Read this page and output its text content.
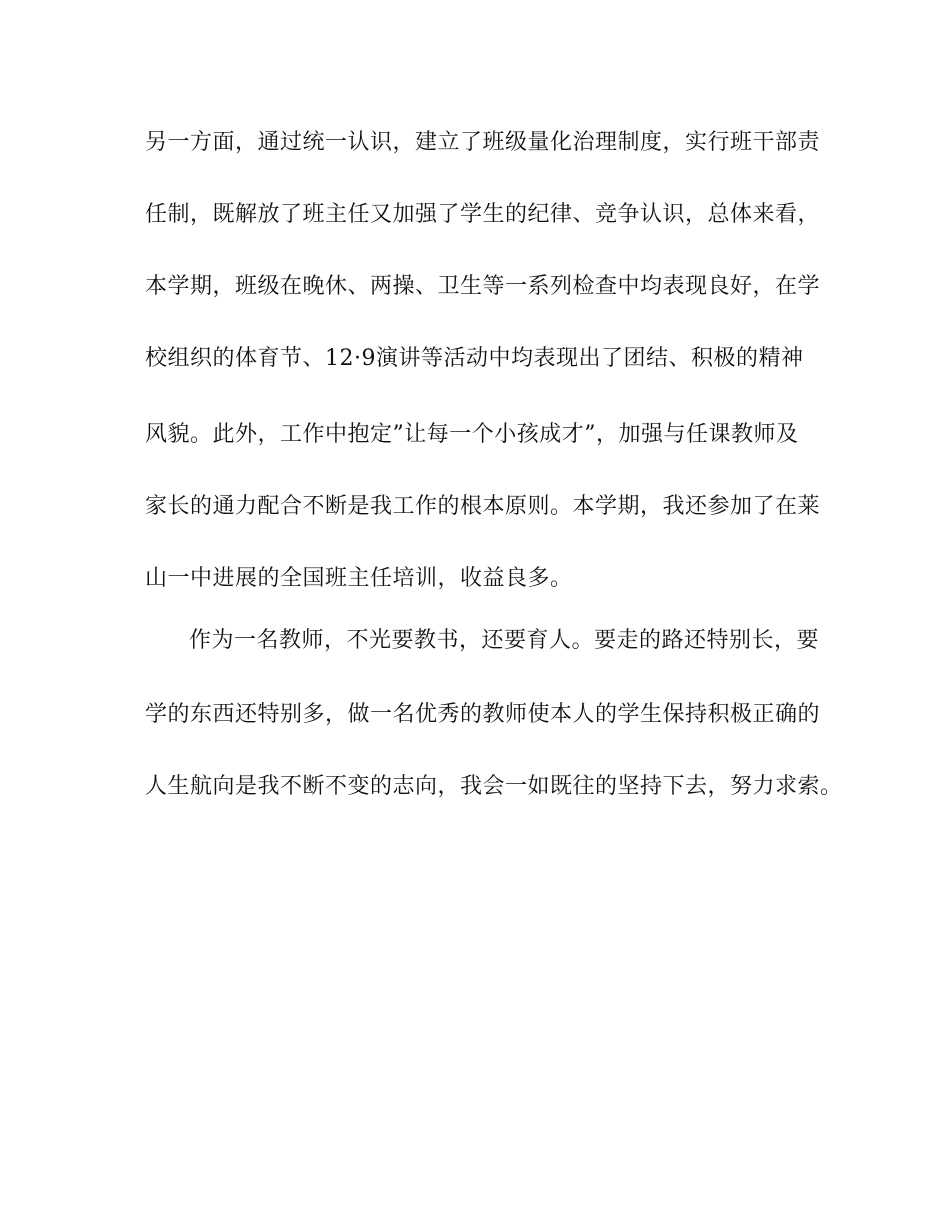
另一方面，通过统一认识，建立了班级量化治理制度，实行班干部责

任制，既解放了班主任又加强了学生的纪律、竞争认识，总体来看，

本学期，班级在晚休、两操、卫生等一系列检查中均表现良好，在学

校组织的体育节、12·9演讲等活动中均表现出了团结、积极的精神

风貌。此外，工作中抱定”让每一个小孩成才”，加强与任课教师及

家长的通力配合不断是我工作的根本原则。本学期，我还参加了在莱

山一中进展的全国班主任培训，收益良多。

作为一名教师，不光要教书，还要育人。要走的路还特别长，要

学的东西还特别多，做一名优秀的教师使本人的学生保持积极正确的

人生航向是我不断不变的志向，我会一如既往的坚持下去，努力求索。
